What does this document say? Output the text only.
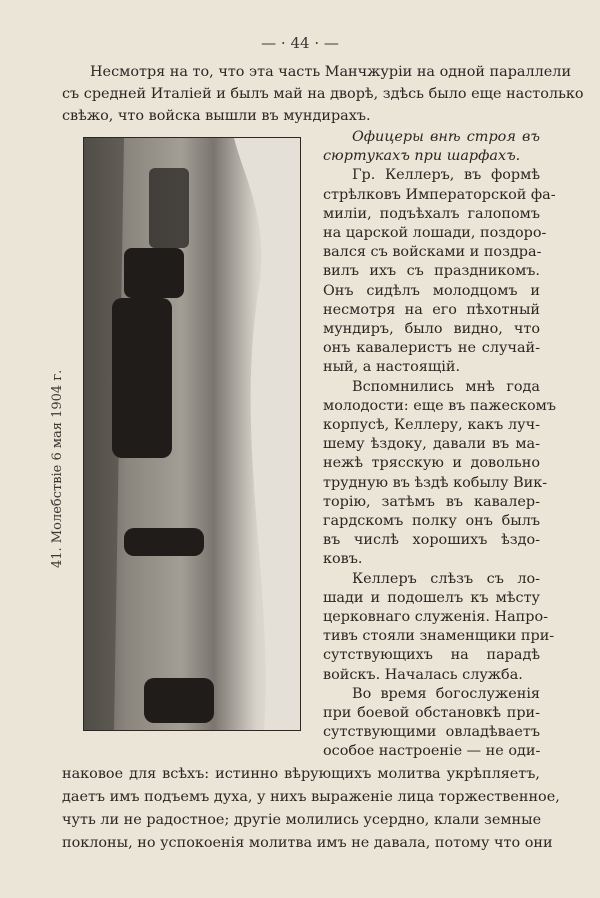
— · 44 · —
Несмотря на то, что эта часть Манчжуріи на одной параллели
съ средней Италіей и былъ май на дворѣ, здѣсь было еще настолько
свѣжо, что войска вышли въ мундирахъ.
Офицеры внѣ строя въ
сюртукахъ при шарфахъ.
Гр. Келлеръ, въ формѣ
стрѣлковъ Императорской фа-
миліи, подъѣхалъ галопомъ
на царской лошади, поздоро-
вался съ войсками и поздра-
вилъ ихъ съ праздникомъ.
Онъ сидѣлъ молодцомъ и
несмотря на его пѣхотный
мундиръ, было видно, что
онъ кавалеристъ не случай-
ный, а настоящій.
Вспомнились мнѣ года
молодости: еще въ пажескомъ
корпусѣ, Келлеру, какъ луч-
шему ѣздоку, давали въ ма-
нежѣ трясскую и довольно
трудную въ ѣздѣ кобылу Вик-
торію, затѣмъ въ кавалер-
гардскомъ полку онъ былъ
въ числѣ хорошихъ ѣздо-
ковъ.
Келлеръ слѣзъ съ ло-
шади и подошелъ къ мѣсту
церковнаго служенія. Напро-
тивъ стояли знаменщики при-
сутствующихъ на парадѣ
войскъ. Началась служба.
Во время богослуженія
при боевой обстановкѣ при-
сутствующими овладѣваетъ
особое настроеніе — не оди-
наковое для всѣхъ: истинно вѣрующихъ молитва укрѣпляетъ,
даетъ имъ подъемъ духа, у нихъ выраженіе лица торжественное,
чуть ли не радостное; другіе молились усердно, клали земные
поклоны, но успокоенія молитва имъ не давала, потому что они
41. Молебствіе 6 мая 1904 г.
